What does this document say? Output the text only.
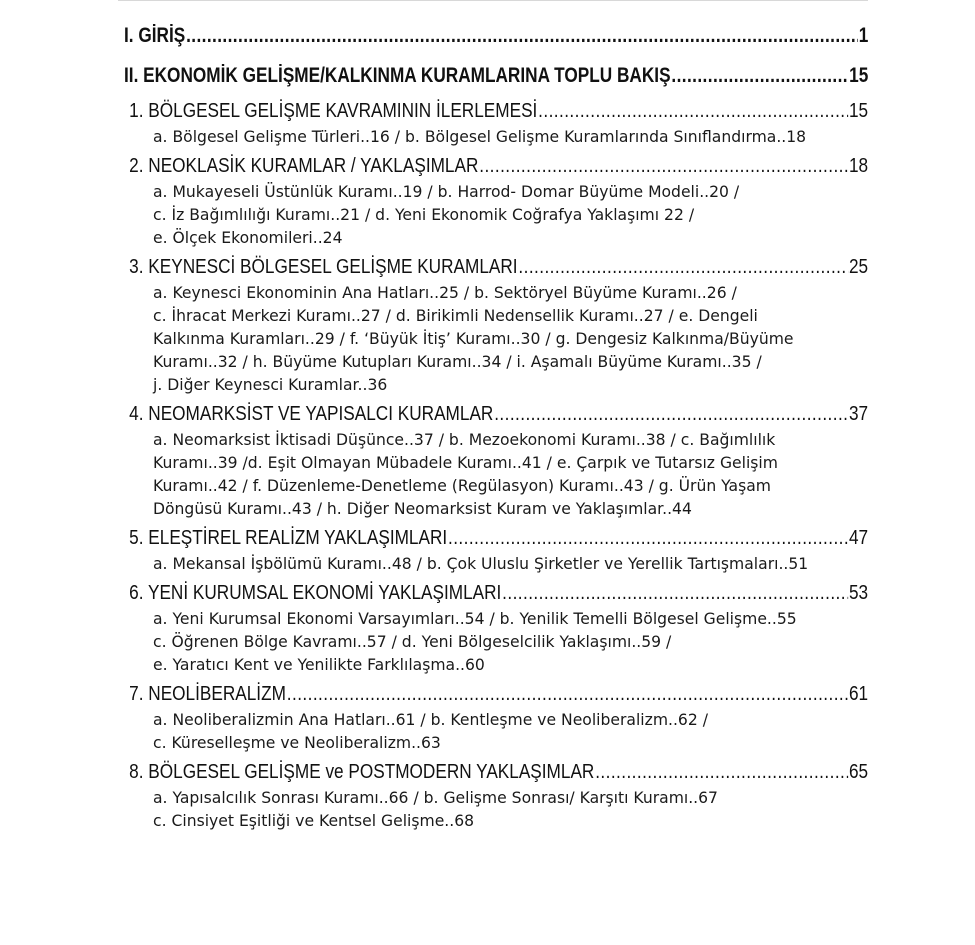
I. GİRİŞ .....	1
II. EKONOMİK GELİŞME/KALKINMA KURAMLARINA TOPLU BAKIŞ .....	15
1. BÖLGESEL GELİŞME KAVRAMININ İLERLEMESİ .....	15
a. Bölgesel Gelişme Türleri..16 / b. Bölgesel Gelişme Kuramlarında Sınıflandırma..18
2. NEOKLASİK KURAMLAR / YAKLAŞIMLAR .....	18
a. Mukayeseli Üstünlük Kuramı..19 / b. Harrod- Domar Büyüme Modeli..20 /
c. İz Bağımlılığı Kuramı..21 / d. Yeni Ekonomik Coğrafya Yaklaşımı 22 /
e. Ölçek Ekonomileri..24
3. KEYNESCİ BÖLGESEL GELİŞME KURAMLARI .....	25
a. Keynesci Ekonominin Ana Hatları..25 / b. Sektöryel Büyüme Kuramı..26 /
c. İhracat Merkezi Kuramı..27 / d. Birikimli Nedensellik Kuramı..27 / e. Dengeli
Kalkınma Kuramları..29 / f. ‘Büyük İtiş’ Kuramı..30 / g. Dengesiz Kalkınma/Büyüme
Kuramı..32 / h. Büyüme Kutupları Kuramı..34 / i. Aşamalı Büyüme Kuramı..35 /
j. Diğer Keynesci Kuramlar..36
4. NEOMARKSİST VE YAPISALCI KURAMLAR .....	37
a. Neomarksist İktisadi Düşünce..37 / b. Mezoekonomi Kuramı..38 / c. Bağımlılık
Kuramı..39 /d. Eşit Olmayan Mübadele Kuramı..41 / e. Çarpık ve Tutarsız Gelişim
Kuramı..42 / f. Düzenleme-Denetleme (Regülasyon) Kuramı..43 / g. Ürün Yaşam
Döngüsü Kuramı..43 / h. Diğer Neomarksist Kuram ve Yaklaşımlar..44
5. ELEŞTİREL REALİZM YAKLAŞIMLARI .....	47
a. Mekansal İşbölümü Kuramı..48 / b. Çok Uluslu Şirketler ve Yerellik Tartışmaları..51
6. YENİ KURUMSAL EKONOMİ YAKLAŞIMLARI .....	53
a. Yeni Kurumsal Ekonomi Varsayımları..54 / b. Yenilik Temelli Bölgesel Gelişme..55
c. Öğrenen Bölge Kavramı..57 / d. Yeni Bölgeselcilik Yaklaşımı..59 /
e. Yaratıcı Kent ve Yenilikte Farklılaşma..60
7. NEOLİBERALİZM .....	61
a. Neoliberalizmin Ana Hatları..61 / b. Kentleşme ve Neoliberalizm..62 /
c. Küreselleşme ve Neoliberalizm..63
8. BÖLGESEL GELİŞME ve POSTMODERN YAKLAŞIMLAR .....	65
a. Yapısalcılık Sonrası Kuramı..66 / b. Gelişme Sonrası/ Karşıtı Kuramı..67
c. Cinsiyet Eşitliği ve Kentsel Gelişme..68
